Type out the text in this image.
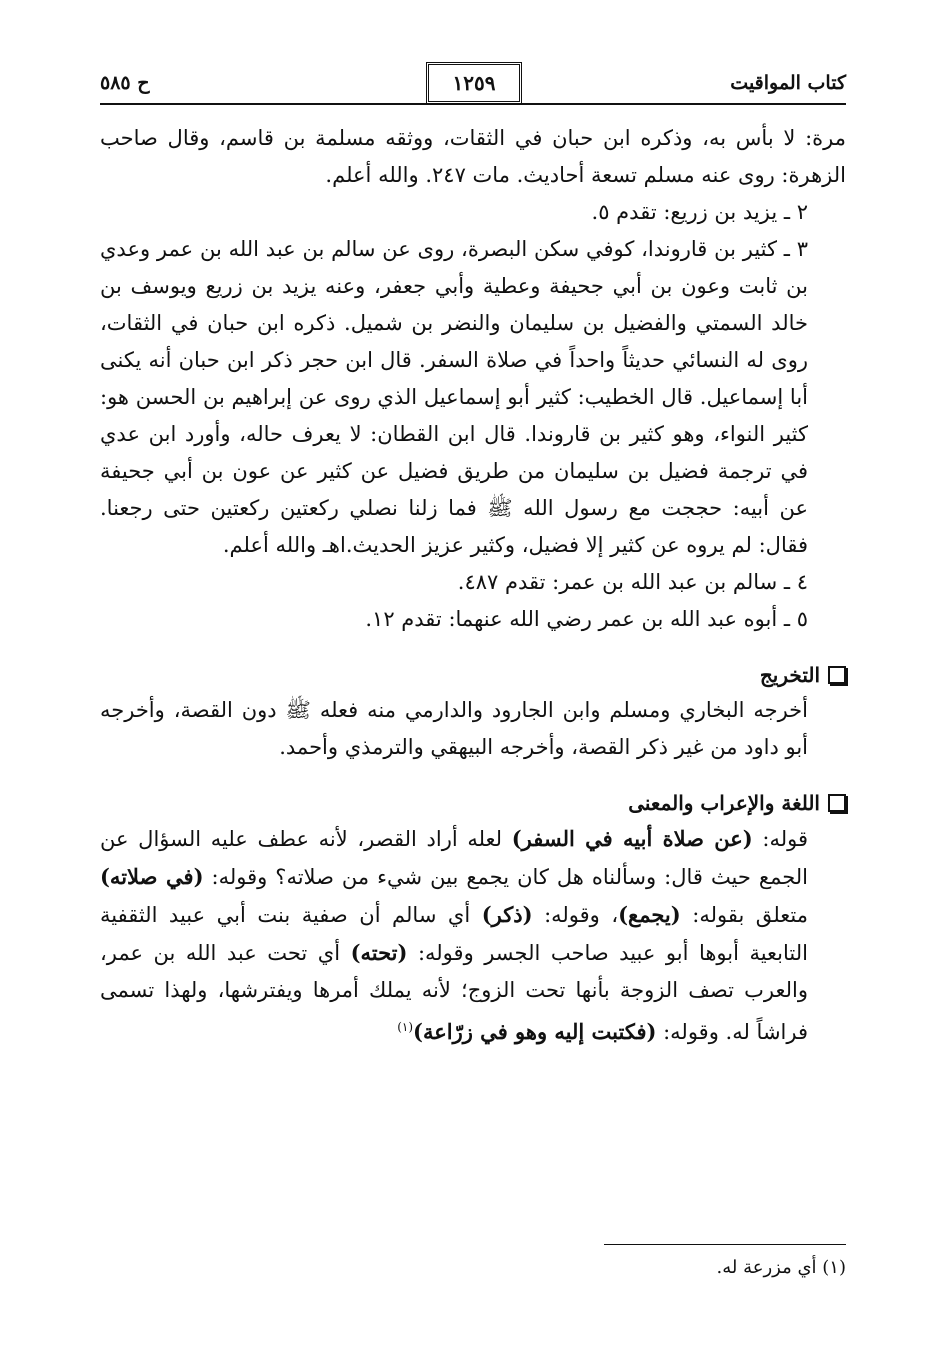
كتاب المواقيت
١٢٥٩
ح ٥٨٥

مرة: لا بأس به، وذكره ابن حبان في الثقات، ووثقه مسلمة بن قاسم، وقال صاحب الزهرة: روى عنه مسلم تسعة أحاديث. مات ٢٤٧. والله أعلم.

٢ ـ يزيد بن زريع: تقدم ٥.

٣ ـ كثير بن قاروندا، كوفي سكن البصرة، روى عن سالم بن عبد الله بن عمر وعدي بن ثابت وعون بن أبي جحيفة وعطية وأبي جعفر، وعنه يزيد بن زريع ويوسف بن خالد السمتي والفضيل بن سليمان والنضر بن شميل. ذكره ابن حبان في الثقات، روى له النسائي حديثاً واحداً في صلاة السفر. قال ابن حجر ذكر ابن حبان أنه يكنى أبا إسماعيل. قال الخطيب: كثير أبو إسماعيل الذي روى عن إبراهيم بن الحسن هو: كثير النواء، وهو كثير بن قاروندا. قال ابن القطان: لا يعرف حاله، وأورد ابن عدي في ترجمة فضيل بن سليمان من طريق فضيل عن كثير عن عون بن أبي جحيفة عن أبيه: حججت مع رسول الله ﷺ فما زلنا نصلي ركعتين ركعتين حتى رجعنا. فقال: لم يروه عن كثير إلا فضيل، وكثير عزيز الحديث.اهـ والله أعلم.

٤ ـ سالم بن عبد الله بن عمر: تقدم ٤٨٧.

٥ ـ أبوه عبد الله بن عمر رضي الله عنهما: تقدم ١٢.

التخريج

أخرجه البخاري ومسلم وابن الجارود والدارمي منه فعله ﷺ دون القصة، وأخرجه أبو داود من غير ذكر القصة، وأخرجه البيهقي والترمذي وأحمد.

اللغة والإعراب والمعنى

قوله: (عن صلاة أبيه في السفر) لعله أراد القصر، لأنه عطف عليه السؤال عن الجمع حيث قال: وسألناه هل كان يجمع بين شيء من صلاته؟ وقوله: (في صلاته) متعلق بقوله: (يجمع)، وقوله: (ذكر) أي سالم أن صفية بنت أبي عبيد الثقفية التابعية أبوها أبو عبيد صاحب الجسر وقوله: (تحته) أي تحت عبد الله بن عمر، والعرب تصف الزوجة بأنها تحت الزوج؛ لأنه يملك أمرها ويفترشها، ولهذا تسمى فراشاً له. وقوله: (فكتبت إليه وهو في زرّاعة)$^{(١)}$

(١) أي مزرعة له.
